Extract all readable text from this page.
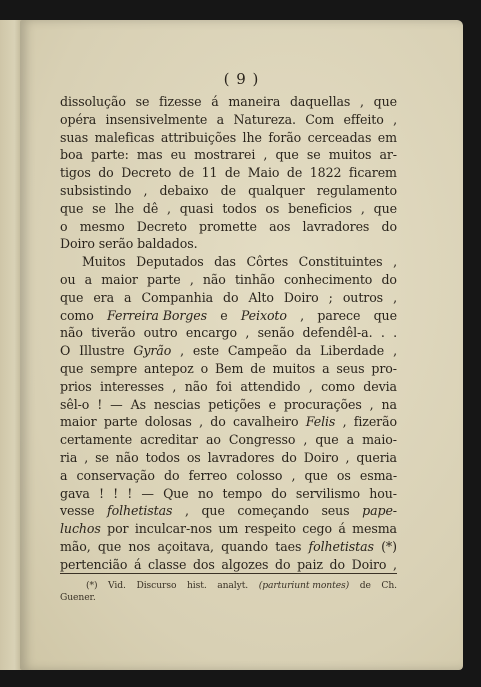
( 9 )
dissolução se fizesse á maneira daquellas , que
opéra insensivelmente a Natureza. Com effeito ,
suas maleficas attribuições lhe forão cerceadas em
boa parte: mas eu mostrarei , que se muitos ar-
tigos do Decreto de 11 de Maio de 1822 ficarem
subsistindo , debaixo de qualquer regulamento
que se lhe dê , quasi todos os beneficios , que
o mesmo Decreto promette aos lavradores do
Doiro serão baldados.
Muitos Deputados das Côrtes Constituintes ,
ou a maior parte , não tinhão conhecimento do
que era a Companhia do Alto Doiro ; outros ,
como Ferreira Borges e Peixoto , parece que
não tiverão outro encargo , senão defendêl-a. . .
O Illustre Gyrão , este Campeão da Liberdade ,
que sempre antepoz o Bem de muitos a seus pro-
prios interesses , não foi attendido , como devia
sêl-o ! — As nescias petições e procurações , na
maior parte dolosas , do cavalheiro Felis , fizerão
certamente acreditar ao Congresso , que a maio-
ria , se não todos os lavradores do Doiro , queria
a conservação do ferreo colosso , que os esma-
gava ! ! ! — Que no tempo do servilismo hou-
vesse folhetistas , que começando seus pape-
luchos por inculcar-nos um respeito cego á mesma
mão, que nos açoitava, quando taes folhetistas (*)
pertencião á classe dos algozes do paiz do Doiro ,
(*) Vid. Discurso hist. analyt. (parturiunt montes) de Ch.
Guener.
